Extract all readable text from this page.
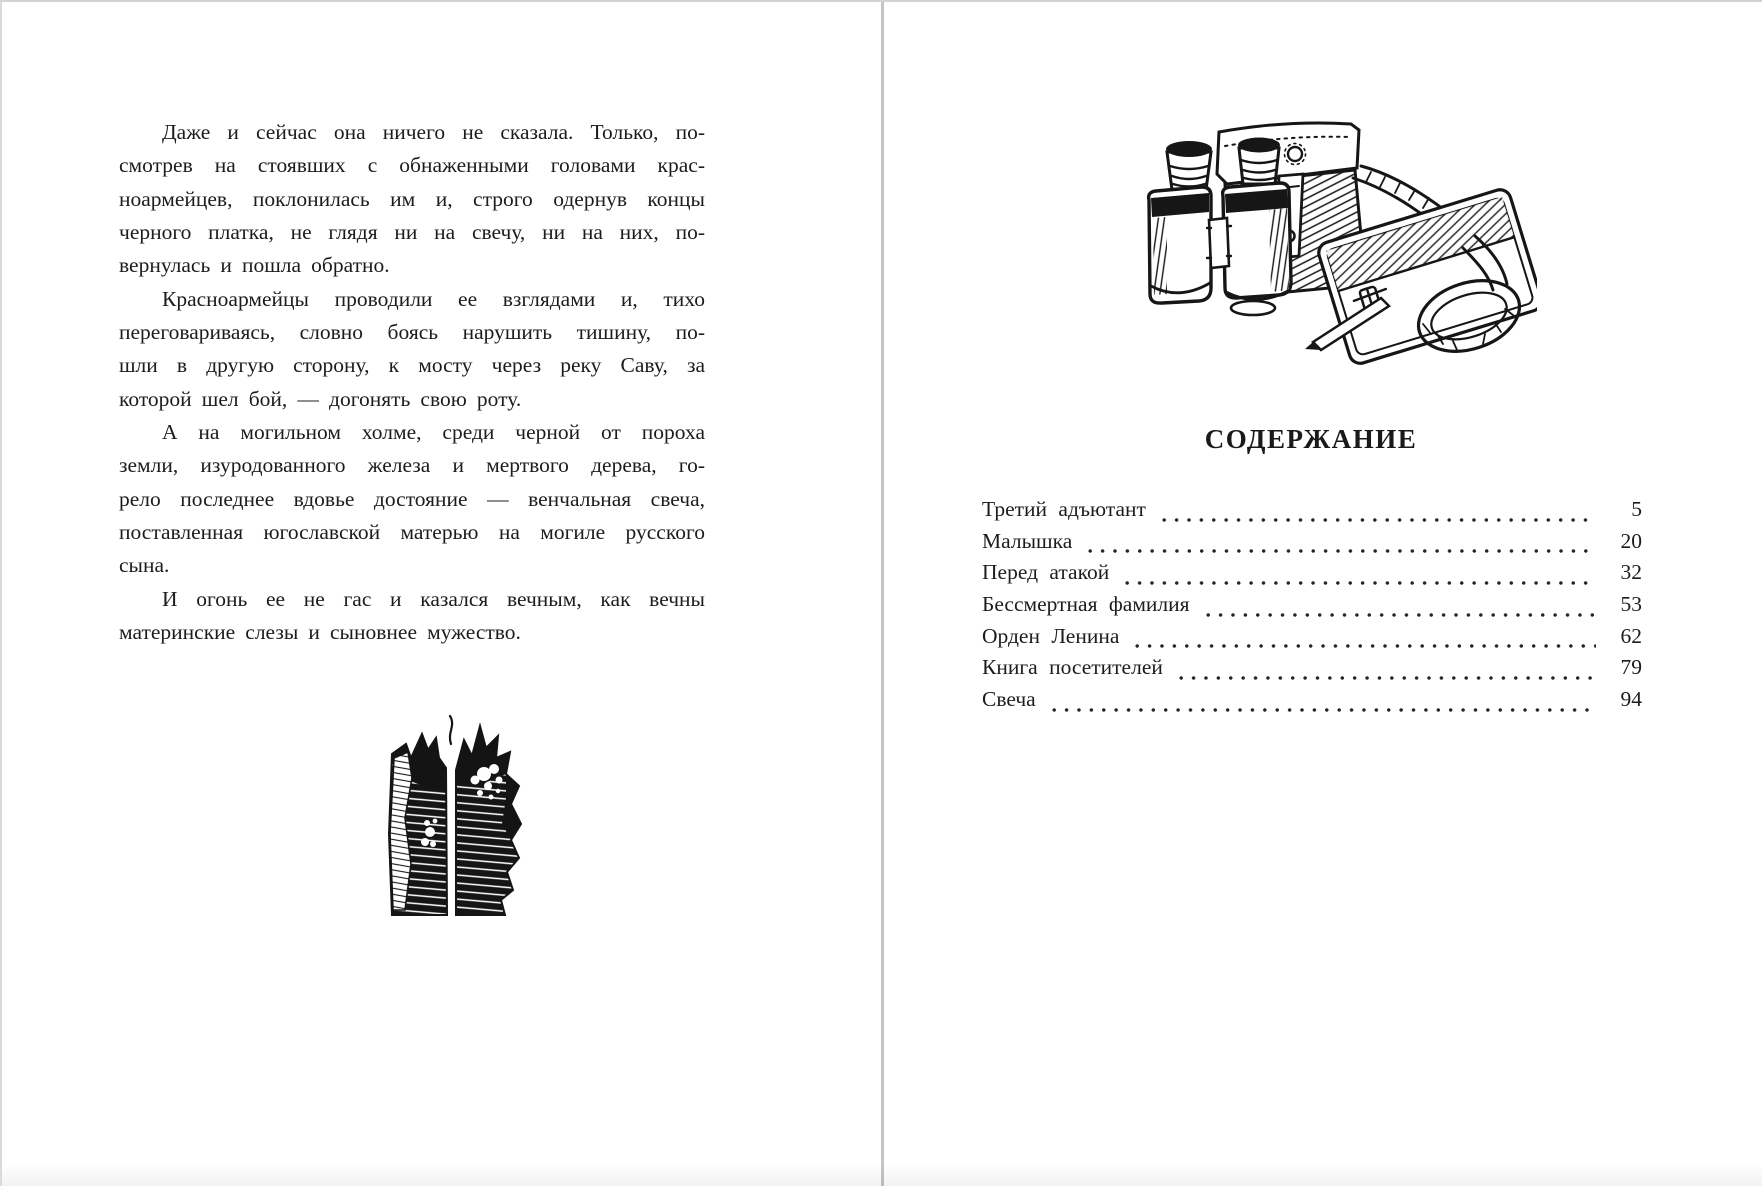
Даже и сейчас она ничего не сказала. Только, по-
смотрев на стоявших с обнаженными головами крас-
ноармейцев, поклонилась им и, строго одернув концы
черного платка, не глядя ни на свечу, ни на них, по-
вернулась и пошла обратно.
Красноармейцы проводили ее взглядами и, тихо
переговариваясь, словно боясь нарушить тишину, по-
шли в другую сторону, к мосту через реку Саву, за
которой шел бой, — догонять свою роту.
А на могильном холме, среди черной от пороха
земли, изуродованного железа и мертвого дерева, го-
рело последнее вдовье достояние — венчальная свеча,
поставленная югославской матерью на могиле русского
сына.
И огонь ее не гас и казался вечным, как вечны
материнские слезы и сыновнее мужество.
СОДЕРЖАНИЕ
Третий адъютант	5
Малышка	20
Перед атакой	32
Бессмертная фамилия	53
Орден Ленина	62
Книга посетителей	79
Свеча	94
